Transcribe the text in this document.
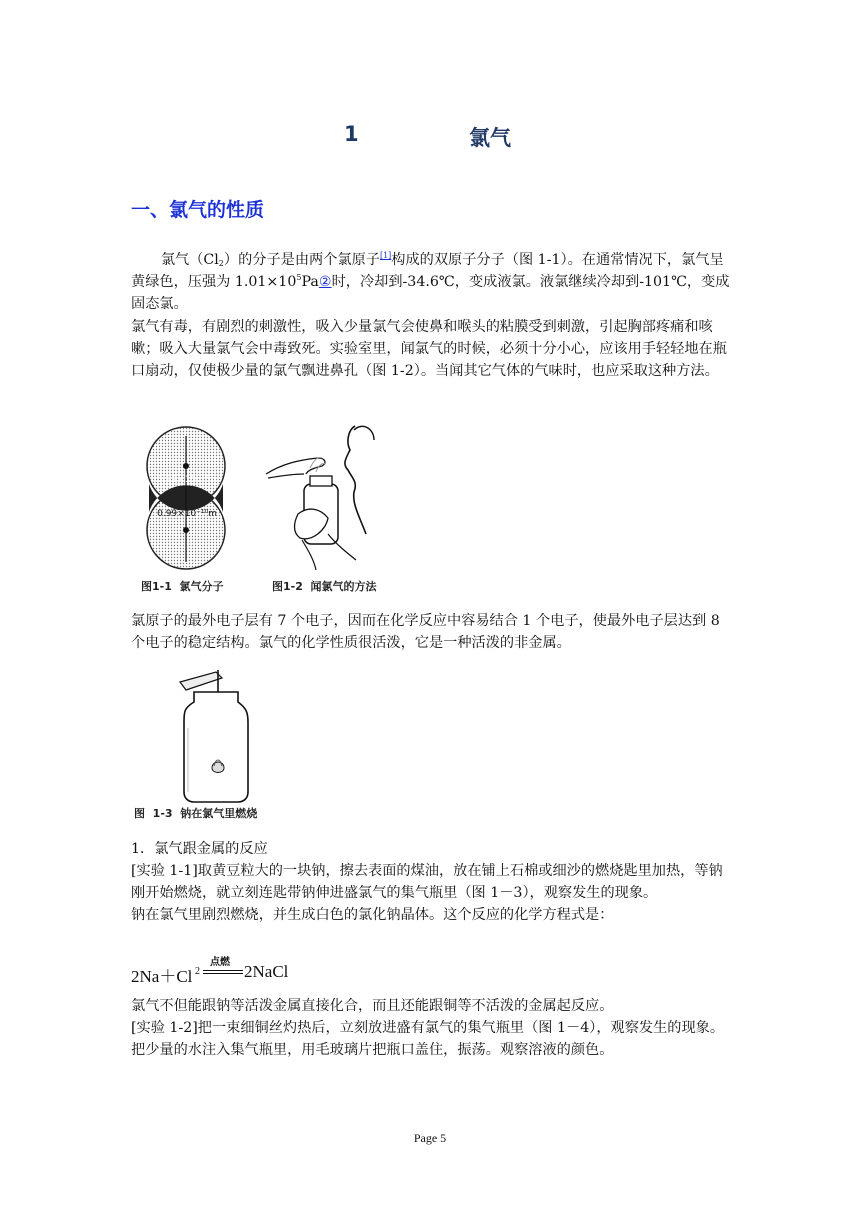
1	氯气
一、氯气的性质

氯气$(Cl_2)$的分子是由两个氯原子[1]构成的双原子分子（图 1-1）。在通常情况下，氯气呈黄绿色，压强为 $1.01\times 10^5Pa②$时，冷却到-34.6℃，变成液氯。液氯继续冷却到-101℃，变成固态氯。

氯气有毒，有剧烈的刺激性，吸入少量氯气会使鼻和喉头的粘膜受到刺激，引起胸部疼痛和咳嗽；吸入大量氯气会中毒致死。实验室里，闻氯气的时候，必须十分小心，应该用手轻轻地在瓶口扇动，仅使极少量的氯气飘进鼻孔（图 1-2）。当闻其它气体的气味时，也应采取这种方法。

0.99×10⁻¹⁰m
0.99×10⁻¹⁰m
图1-1  氯气分子	图1-2  闻氯气的方法

氯原子的最外电子层有 7 个电子，因而在化学反应中容易结合 1 个电子，使最外电子层达到 8 个电子的稳定结构。氯气的化学性质很活泼，它是一种活泼的非金属。

图  1-3  钠在氯气里燃烧

1．氯气跟金属的反应

[实验 1-1]取黄豆粒大的一块钠，擦去表面的煤油，放在铺上石棉或细沙的燃烧匙里加热，等钠刚开始燃烧，就立刻连匙带钠伸进盛氯气的集气瓶里（图 1－3），观察发生的现象。

钠在氯气里剧烈燃烧，并生成白色的氯化钠晶体。这个反应的化学方程式是：

2Na＋Cl 2
点燃 2NaCl

氯气不但能跟钠等活泼金属直接化合，而且还能跟铜等不活泼的金属起反应。

[实验 1-2]把一束细铜丝灼热后，立刻放进盛有氯气的集气瓶里（图 1－4），观察发生的现象。把少量的水注入集气瓶里，用毛玻璃片把瓶口盖住，振荡。观察溶液的颜色。

Page 5
